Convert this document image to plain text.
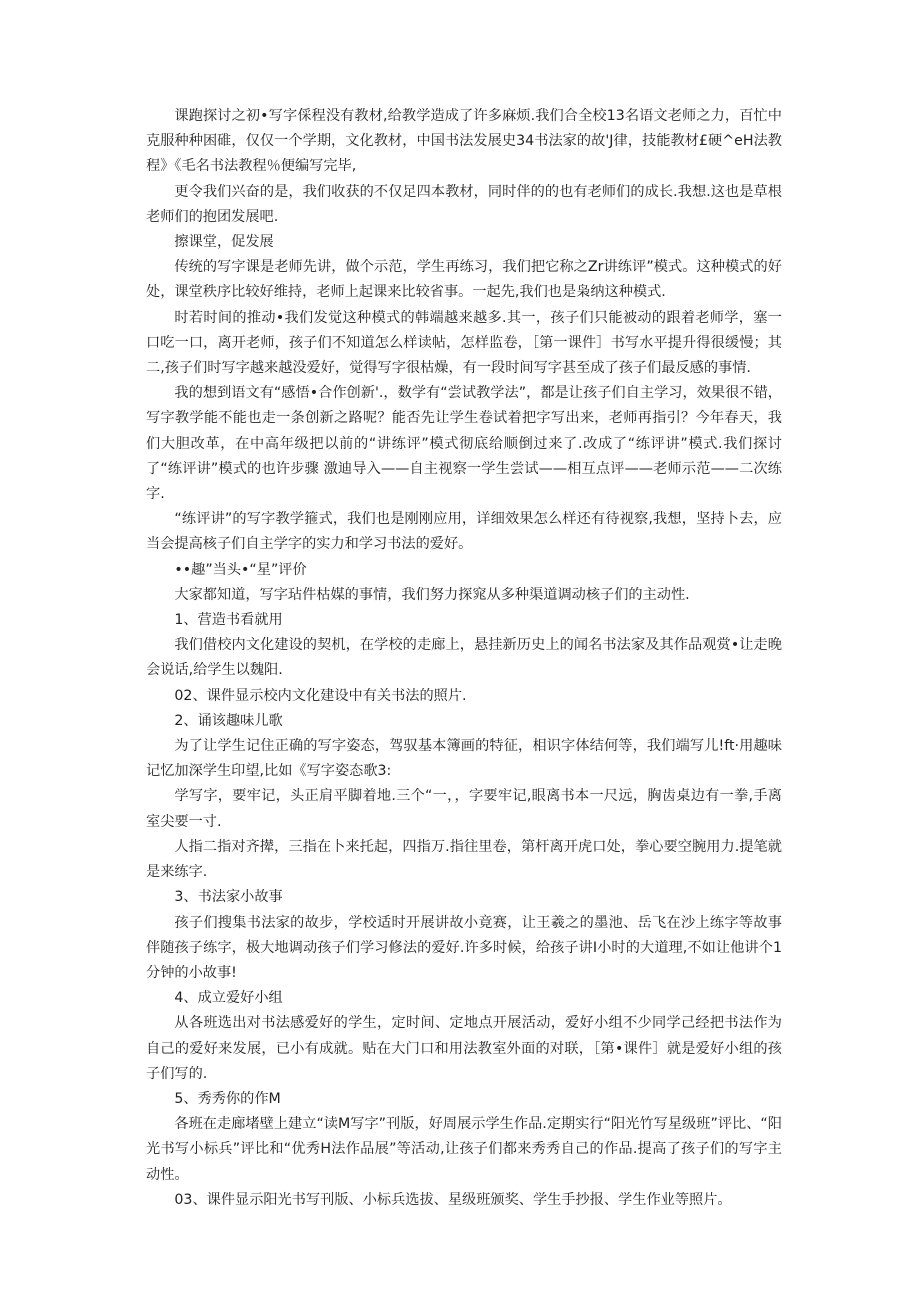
课跑探讨之初•写字倸程没有教材,给教学造成了许多麻烦.我们合全校13名语文老师之力，百忙中克服种种困碓，仅仅一个学期，文化教材，中国书法发展史34书法家的故'J律，技能教材£硬^eH法教程》《毛名书法教程％便编写完毕,

更令我们兴奋的是，我们收获的不仅足四本教材，同时伴的的也有老师们的成长.我想.这也是草根老师们的抱团发展吧.

擦课堂，促发展

传统的写字课是老师先讲，做个示范，学生再练习，我们把它称之Zr讲练评”模式。这种模式的好处，课堂秩序比较好维持，老师上起课来比较省事。一起先,我们也是枭纳这种模式.

时若时间的推动•我们发觉这种模式的韩端越来越多.其一，孩子们只能被动的跟着老师学，塞一口吃一口，离开老师，孩子们不知道怎么样读帖，怎样监卷，［第一课件］书写水平提升得很缓慢；其二,孩子们时写字越来越没爱好，觉得写字很枯燥，有一段时间写字甚至成了孩子们最反感的事情.

我的想到语文有“感悟•合作创新'.，数学有“尝试教学法”，都是让孩子们自主学习，效果很不错，写字教学能不能也走一条创新之路呢？能否先让学生卷试着把字写出来，老师再指引？今年春天，我们大胆改革，在中高年级把以前的“讲练评”模式彻底给顺倒过来了.改成了“练评讲”模式.我们探讨了“练评讲”模式的也许步骤 激迪导入——自主视察一学生尝试——相互点评——老师示范——二次练字.

“练评讲”的写字教学箍式，我们也是刚刚应用，详细效果怎么样还有待视察,我想，坚持卜去，应当会提高核子们自主学字的实力和学习书法的爱好。

••趣”当头•“星”评价

大家都知道，写字玷件枯媒的事情，我们努力探窕从多种渠道调动核子们的主动性.

1、营造书看就用

我们借校内文化建设的契机，在学校的走廊上，悬挂新历史上的闻名书法家及其作品观赏•让走晚会说话,给学生以魏阳.

02、课件显示校内文化建设中有关书法的照片.

2、诵该趣味儿歌

为了让学生记住正确的写字姿态，驾驭基本簿画的特征，相识字体结何等，我们端写儿!ft·用趣味记忆加深学生印望,比如《写字姿态歌3:

学写字，要牢记，头正肩平脚着地.三个“一，，字要牢记,眼离书本一尺远，胸齿桌边有一拳,手离室尖要一寸.

人指二指对齐撵，三指在卜来托起，四指万.指往里卷，第杆离开虎口处，拳心要空腕用力.提笔就是来练字.

3、书法家小故事

孩子们搜集书法家的故步，学校适时开展讲故小竟赛，让王羲之的墨池、岳飞在沙上练字等故事伴随孩子练字，极大地调动孩子们学习修法的爱好.许多时候，给孩子讲I小时的大道理,不如让他讲个1分钟的小故事!

4、成立爱好小组

从各班选出对书法感爱好的学生，定时间、定地点开展活动，爱好小组不少同学己经把书法作为自己的爱好来发展，已小有成就。贴在大门口和用法教室外面的对联，［第•课件］就是爱好小组的孩子们写的.

5、秀秀你的作M

各班在走廊堵壁上建立“读M写字”刊版，好周展示学生作品.定期实行“阳光竹写星级班”评比、“阳光书写小标兵”评比和“优秀H法作品展”等活动,让孩子们都来秀秀自己的作品.提高了孩子们的写字主动性。

03、课件显示阳光书写刊版、小标兵选拔、星级班颁奖、学生手抄报、学生作业等照片。
